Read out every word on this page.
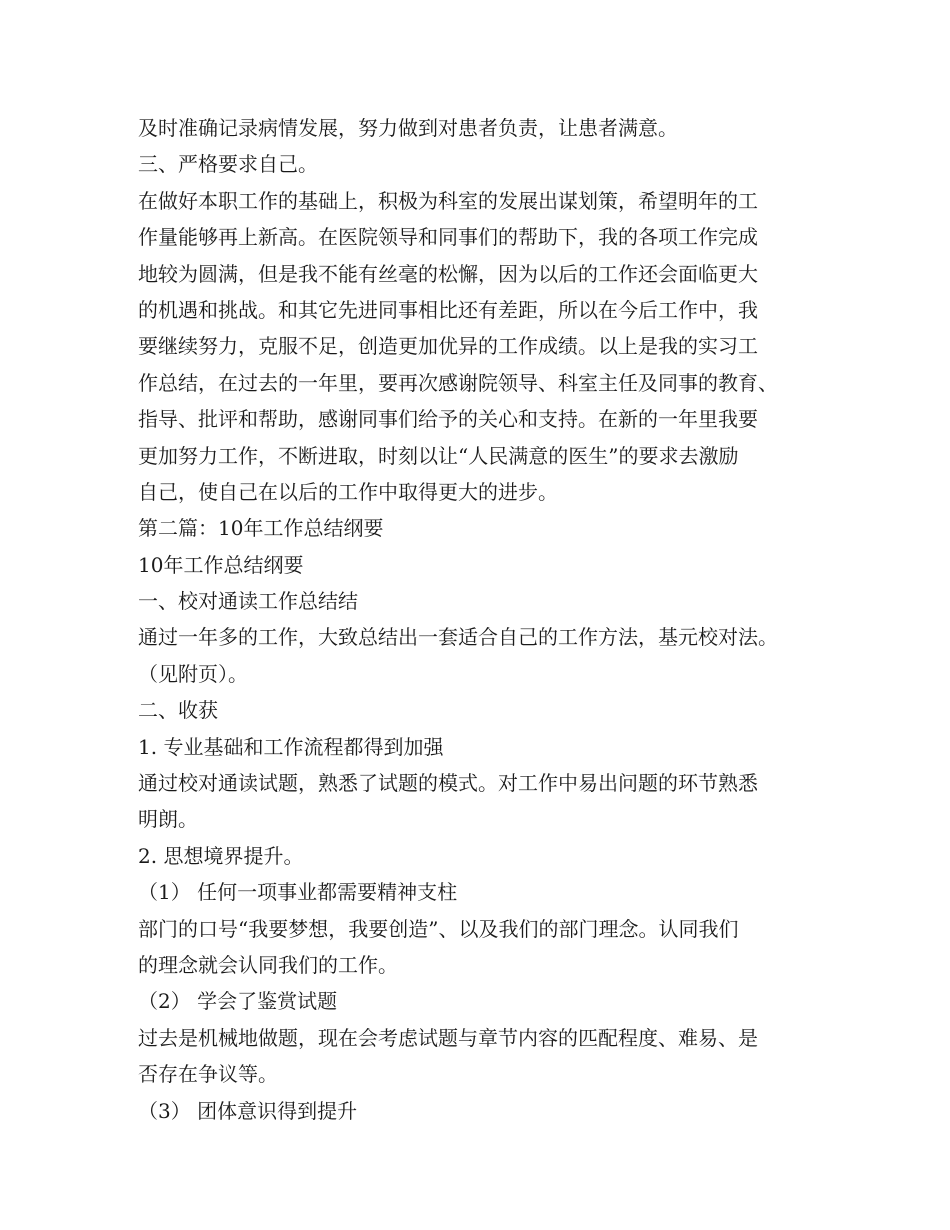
及时准确记录病情发展，努力做到对患者负责，让患者满意。
三、严格要求自己。
在做好本职工作的基础上，积极为科室的发展出谋划策，希望明年的工
作量能够再上新高。在医院领导和同事们的帮助下，我的各项工作完成
地较为圆满，但是我不能有丝毫的松懈，因为以后的工作还会面临更大
的机遇和挑战。和其它先进同事相比还有差距，所以在今后工作中，我
要继续努力，克服不足，创造更加优异的工作成绩。以上是我的实习工
作总结，在过去的一年里，要再次感谢院领导、科室主任及同事的教育、
指导、批评和帮助，感谢同事们给予的关心和支持。在新的一年里我要
更加努力工作，不断进取，时刻以让“人民满意的医生”的要求去激励
自己，使自己在以后的工作中取得更大的进步。
第二篇：10年工作总结纲要
10年工作总结纲要
一、校对通读工作总结结
通过一年多的工作，大致总结出一套适合自己的工作方法，基元校对法。
（见附页）。
二、收获
1. 专业基础和工作流程都得到加强
通过校对通读试题，熟悉了试题的模式。对工作中易出问题的环节熟悉
明朗。
2. 思想境界提升。
（1） 任何一项事业都需要精神支柱
部门的口号“我要梦想，我要创造”、以及我们的部门理念。认同我们
的理念就会认同我们的工作。
（2） 学会了鉴赏试题
过去是机械地做题，现在会考虑试题与章节内容的匹配程度、难易、是
否存在争议等。
（3） 团体意识得到提升
